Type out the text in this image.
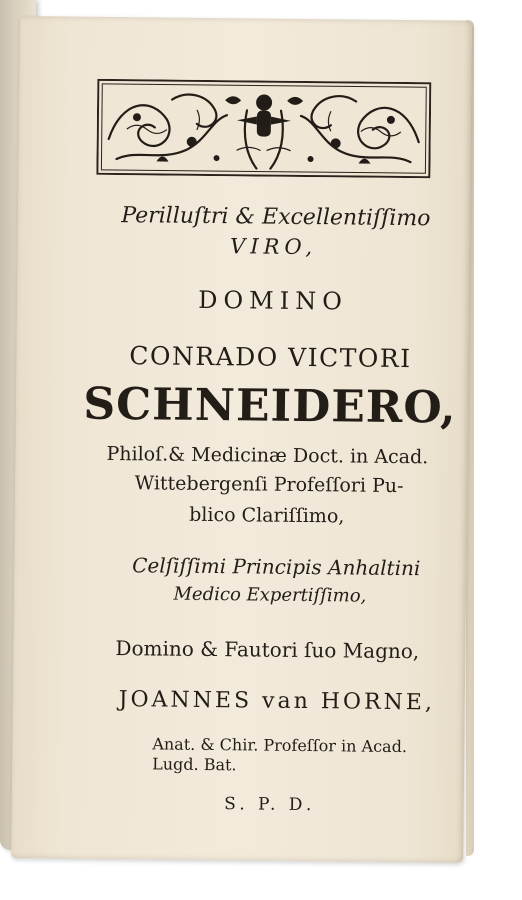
Perilluſtri & Excellentiſſimo
VIRO,
DOMINO
CONRADO VICTORI
SCHNEIDERO,
Philoſ.& Medicinæ Doct. in Acad.
Wittebergenſi Profeſſori Pu-
blico Clariſſimo,
Celſiſſimi Principis Anhaltini
Medico Expertiſſimo,
Domino & Fautori ſuo Magno,
JOANNES van HORNE,
Anat. & Chir. Profeſſor in Acad.
Lugd. Bat.
S. P. D.
